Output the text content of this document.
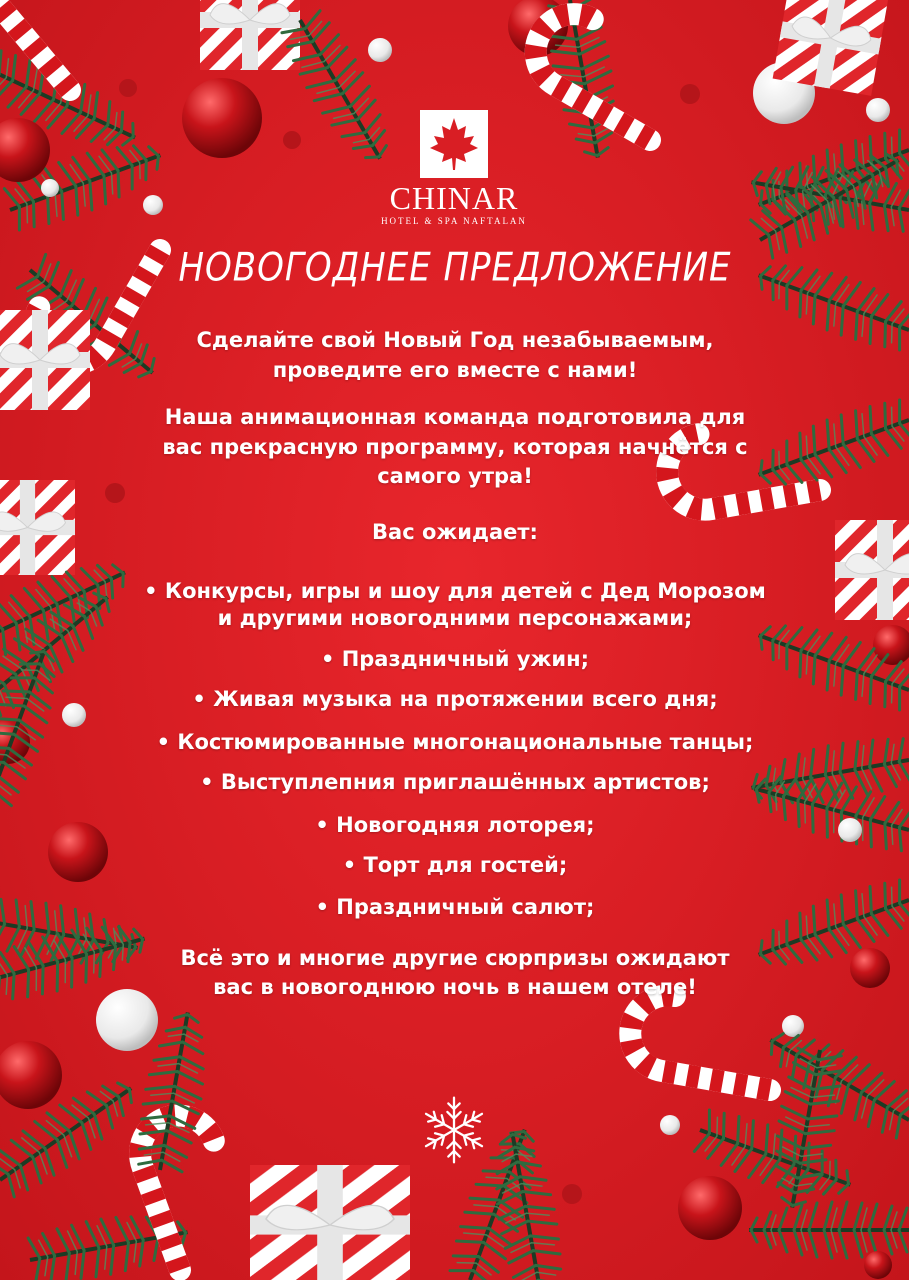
CHINAR
HOTEL & SPA NAFTALAN
НОВОГОДНЕЕ ПРЕДЛОЖЕНИЕ

Сделайте свой Новый Год незабываемым,

проведите его вместе с нами!

Наша анимационная команда подготовила для

вас прекрасную программу, которая начнётся с

самого утра!

Вас ожидает:

• Конкурсы, игры и шоу для детей с Дед Морозом

и другими новогодними персонажами;

• Праздничный ужин;

• Живая музыка на протяжении всего дня;

• Костюмированные многонациональные танцы;

• Выступлепния приглашённых артистов;

• Новогодняя лоторея;

• Торт для гостей;

• Праздничный салют;

Всё это и многие другие сюрпризы ожидают

вас в новогоднюю ночь в нашем отеле!
